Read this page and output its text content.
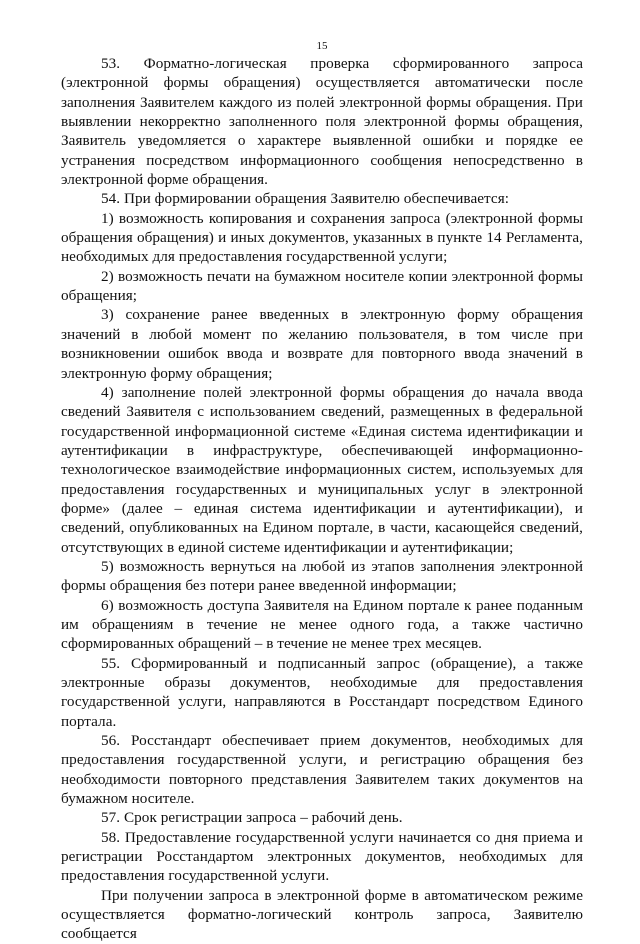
15

53. Форматно-логическая проверка сформированного запроса (электронной формы обращения) осуществляется автоматически после заполнения Заявителем каждого из полей электронной формы обращения. При выявлении некорректно заполненного поля электронной формы обращения, Заявитель уведомляется о характере выявленной ошибки и порядке ее устранения посредством информационного сообщения непосредственно в электронной форме обращения.

54. При формировании обращения Заявителю обеспечивается:

1) возможность копирования и сохранения запроса (электронной формы обращения обращения) и иных документов, указанных в пункте 14 Регламента, необходимых для предоставления государственной услуги;

2) возможность печати на бумажном носителе копии электронной формы обращения;

3) сохранение ранее введенных в электронную форму обращения значений в любой момент по желанию пользователя, в том числе при возникновении ошибок ввода и возврате для повторного ввода значений в электронную форму обращения;

4) заполнение полей электронной формы обращения до начала ввода сведений Заявителя с использованием сведений, размещенных в федеральной государственной информационной системе «Единая система идентификации и аутентификации в инфраструктуре, обеспечивающей информационно-технологическое взаимодействие информационных систем, используемых для предоставления государственных и муниципальных услуг в электронной форме» (далее – единая система идентификации и аутентификации), и сведений, опубликованных на Едином портале, в части, касающейся сведений, отсутствующих в единой системе идентификации и аутентификации;

5) возможность вернуться на любой из этапов заполнения электронной формы обращения без потери ранее введенной информации;

6) возможность доступа Заявителя на Едином портале к ранее поданным им обращениям в течение не менее одного года, а также частично сформированных обращений – в течение не менее трех месяцев.

55. Сформированный и подписанный запрос (обращение), а также электронные образы документов, необходимые для предоставления государственной услуги, направляются в Росстандарт посредством Единого портала.

56. Росстандарт обеспечивает прием документов, необходимых для предоставления государственной услуги, и регистрацию обращения без необходимости повторного представления Заявителем таких документов на бумажном носителе.

57. Срок регистрации запроса – рабочий день.

58. Предоставление государственной услуги начинается со дня приема и регистрации Росстандартом электронных документов, необходимых для предоставления государственной услуги.

При получении запроса в электронной форме в автоматическом режиме осуществляется форматно-логический контроль запроса, Заявителю сообщается
